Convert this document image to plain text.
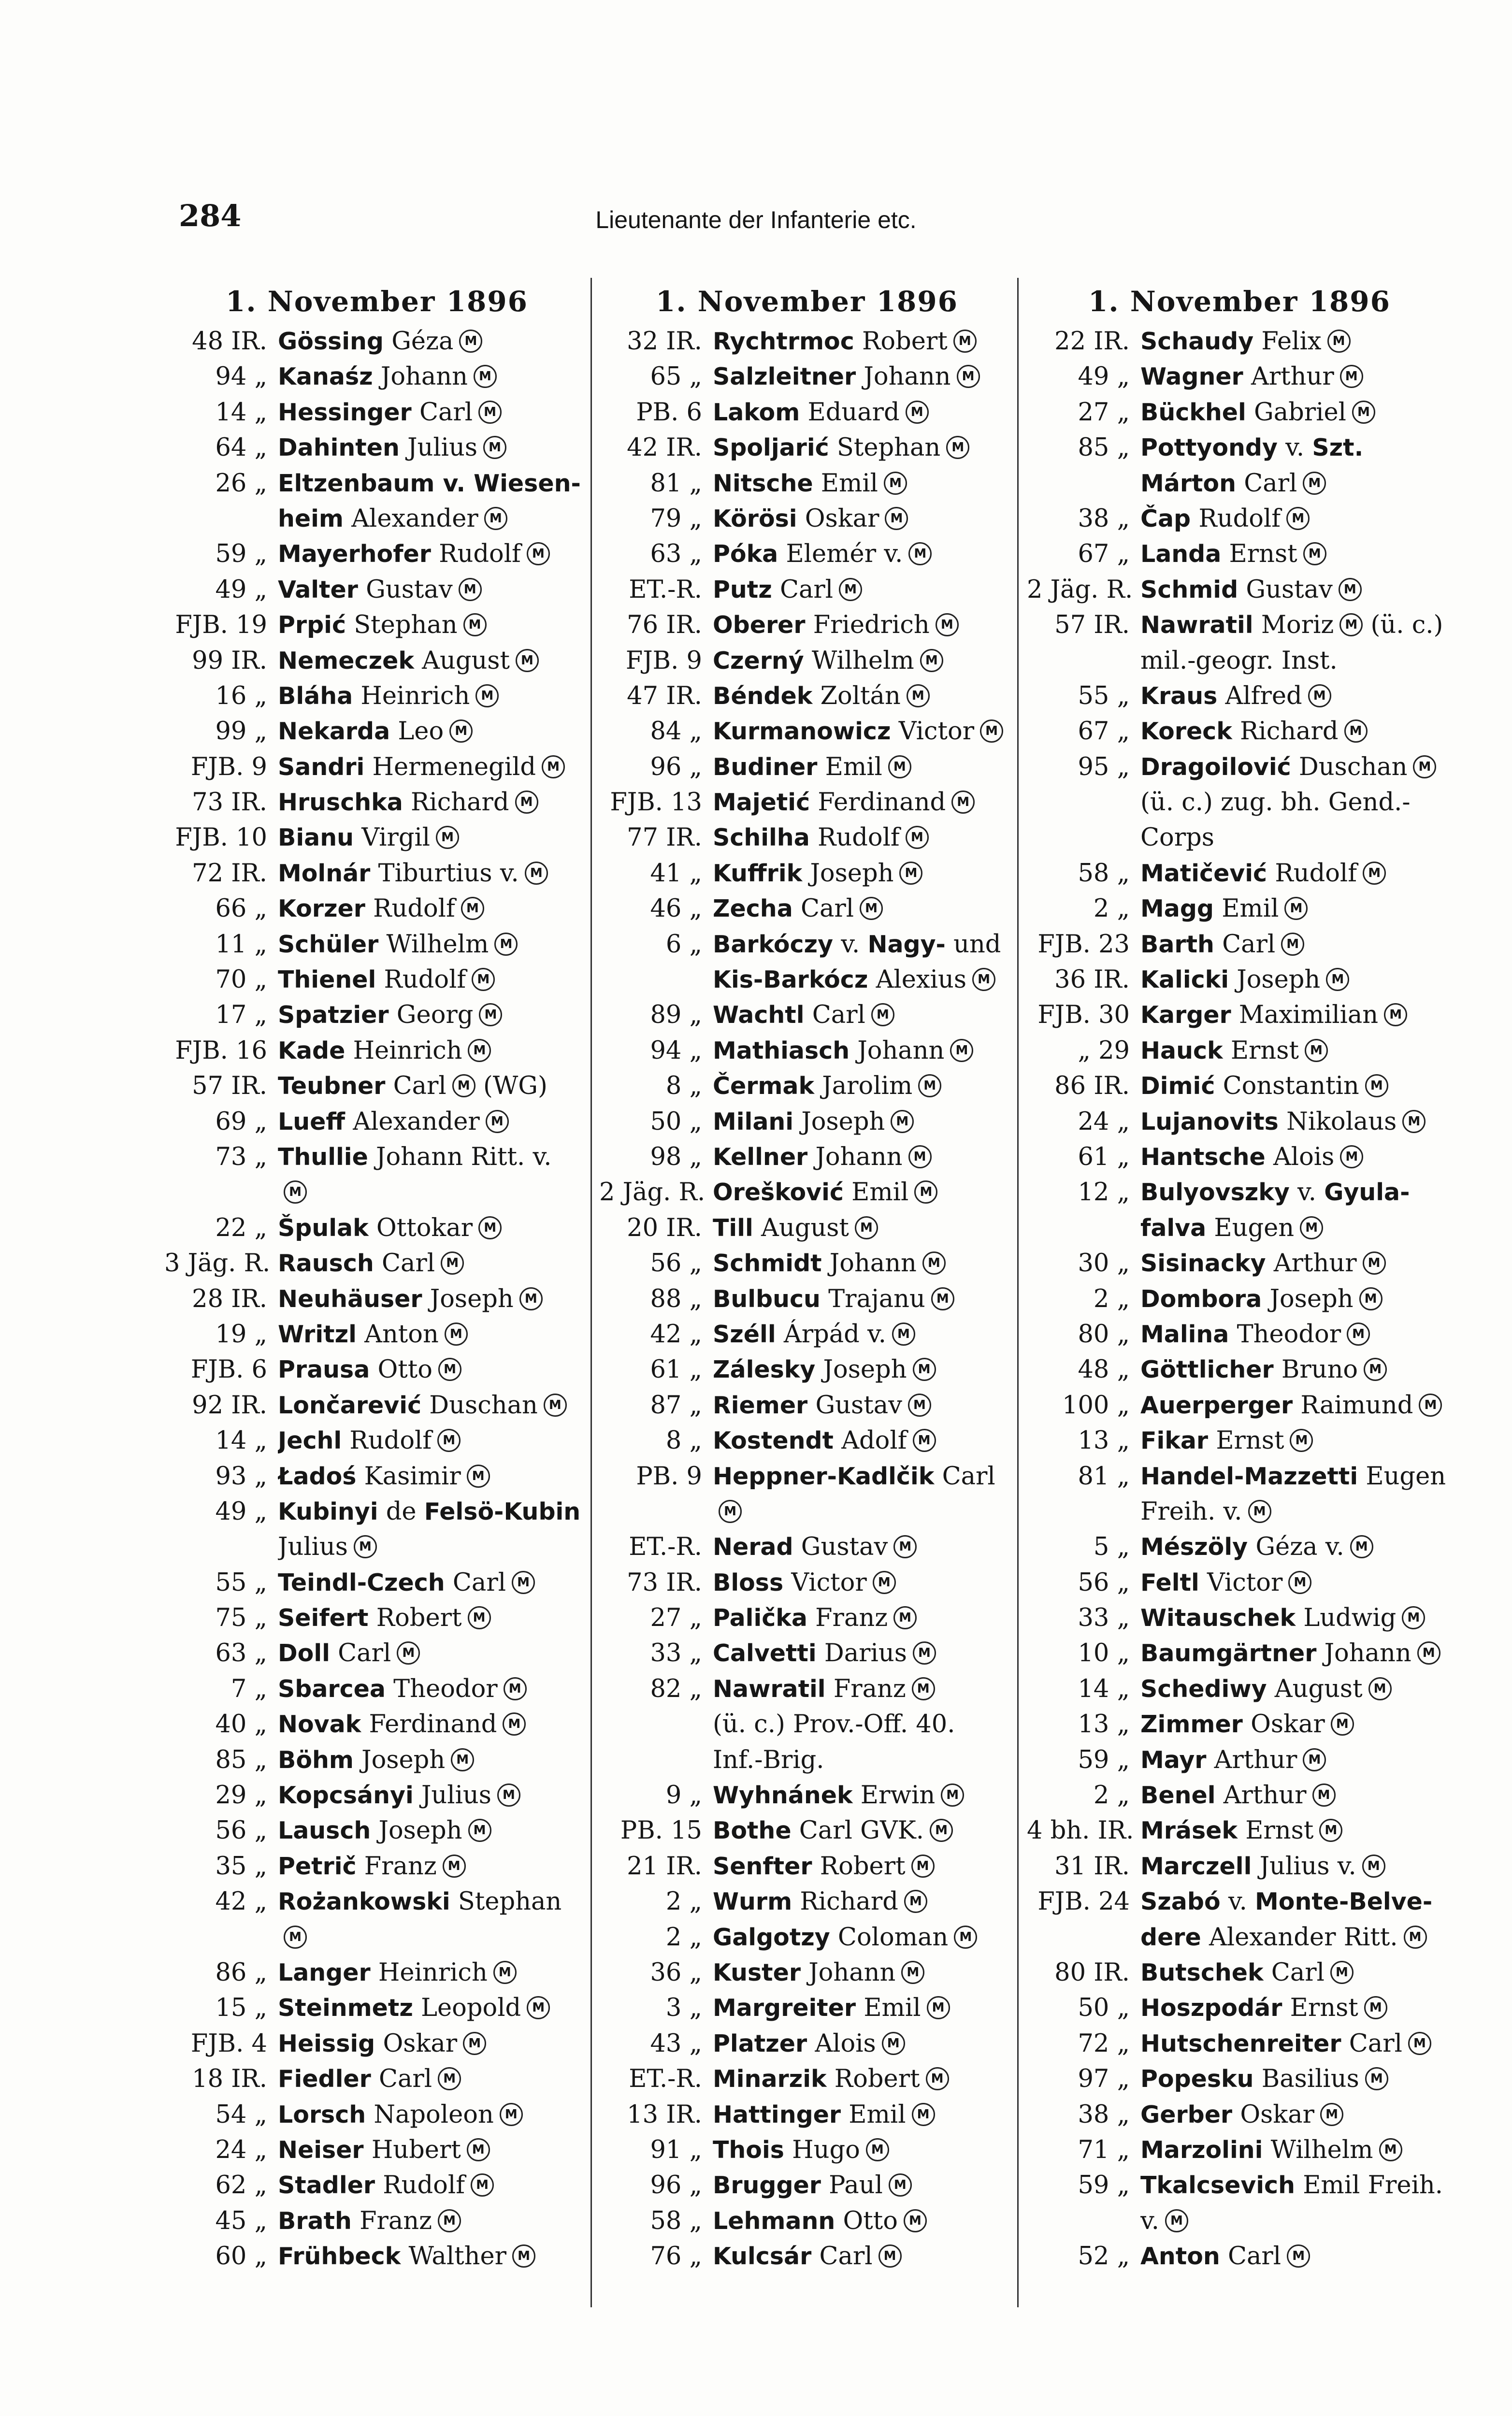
284	Lieutenante der Infanterie etc.
1. November 1896
48 IR. Gössing Géza M
94 „ Kanaśz Johann M
14 „ Hessinger Carl M
64 „ Dahinten Julius M
26 „ Eltzenbaum v. Wiesen-
heim Alexander M
59 „ Mayerhofer Rudolf M
49 „ Valter Gustav M
FJB. 19 Prpić Stephan M
99 IR. Nemeczek August M
16 „ Bláha Heinrich M
99 „ Nekarda Leo M
FJB. 9 Sandri Hermenegild M
73 IR. Hruschka Richard M
FJB. 10 Bianu Virgil M
72 IR. Molnár Tiburtius v. M
66 „ Korzer Rudolf M
11 „ Schüler Wilhelm M
70 „ Thienel Rudolf M
17 „ Spatzier Georg M
FJB. 16 Kade Heinrich M
57 IR. Teubner Carl M (WG)
69 „ Lueff Alexander M
73 „ Thullie Johann Ritt. v.
M
22 „ Špulak Ottokar M
3 Jäg. R. Rausch Carl M
28 IR. Neuhäuser Joseph M
19 „ Writzl Anton M
FJB. 6 Prausa Otto M
92 IR. Lončarević Duschan M
14 „ Jechl Rudolf M
93 „ Ładoś Kasimir M
49 „ Kubinyi de Felsö-Kubin
Julius M
55 „ Teindl-Czech Carl M
75 „ Seifert Robert M
63 „ Doll Carl M
7 „ Sbarcea Theodor M
40 „ Novak Ferdinand M
85 „ Böhm Joseph M
29 „ Kopcsányi Julius M
56 „ Lausch Joseph M
35 „ Petrič Franz M
42 „ Rożankowski Stephan
M
86 „ Langer Heinrich M
15 „ Steinmetz Leopold M
FJB. 4 Heissig Oskar M
18 IR. Fiedler Carl M
54 „ Lorsch Napoleon M
24 „ Neiser Hubert M
62 „ Stadler Rudolf M
45 „ Brath Franz M
60 „ Frühbeck Walther M
1. November 1896
32 IR. Rychtrmoc Robert M
65 „ Salzleitner Johann M
PB. 6 Lakom Eduard M
42 IR. Spoljarić Stephan M
81 „ Nitsche Emil M
79 „ Körösi Oskar M
63 „ Póka Elemér v. M
ET.-R. Putz Carl M
76 IR. Oberer Friedrich M
FJB. 9 Czerný Wilhelm M
47 IR. Béndek Zoltán M
84 „ Kurmanowicz Victor M
96 „ Budiner Emil M
FJB. 13 Majetić Ferdinand M
77 IR. Schilha Rudolf M
41 „ Kuffrik Joseph M
46 „ Zecha Carl M
6 „ Barkóczy v. Nagy- und
Kis-Barkócz Alexius M
89 „ Wachtl Carl M
94 „ Mathiasch Johann M
8 „ Čermak Jarolim M
50 „ Milani Joseph M
98 „ Kellner Johann M
2 Jäg. R. Orešković Emil M
20 IR. Till August M
56 „ Schmidt Johann M
88 „ Bulbucu Trajanu M
42 „ Széll Árpád v. M
61 „ Zálesky Joseph M
87 „ Riemer Gustav M
8 „ Kostendt Adolf M
PB. 9 Heppner-Kadlčik Carl
M
ET.-R. Nerad Gustav M
73 IR. Bloss Victor M
27 „ Palička Franz M
33 „ Calvetti Darius M
82 „ Nawratil Franz M
(ü. c.) Prov.-Off. 40.
Inf.-Brig.
9 „ Wyhnánek Erwin M
PB. 15 Bothe Carl GVK. M
21 IR. Senfter Robert M
2 „ Wurm Richard M
2 „ Galgotzy Coloman M
36 „ Kuster Johann M
3 „ Margreiter Emil M
43 „ Platzer Alois M
ET.-R. Minarzik Robert M
13 IR. Hattinger Emil M
91 „ Thois Hugo M
96 „ Brugger Paul M
58 „ Lehmann Otto M
76 „ Kulcsár Carl M
1. November 1896
22 IR. Schaudy Felix M
49 „ Wagner Arthur M
27 „ Bückhel Gabriel M
85 „ Pottyondy v. Szt.
Márton Carl M
38 „ Čap Rudolf M
67 „ Landa Ernst M
2 Jäg. R. Schmid Gustav M
57 IR. Nawratil Moriz M (ü. c.)
mil.-geogr. Inst.
55 „ Kraus Alfred M
67 „ Koreck Richard M
95 „ Dragoilović Duschan M
(ü. c.) zug. bh. Gend.-
Corps
58 „ Matičević Rudolf M
2 „ Magg Emil M
FJB. 23 Barth Carl M
36 IR. Kalicki Joseph M
FJB. 30 Karger Maximilian M
„ 29 Hauck Ernst M
86 IR. Dimić Constantin M
24 „ Lujanovits Nikolaus M
61 „ Hantsche Alois M
12 „ Bulyovszky v. Gyula-
falva Eugen M
30 „ Sisinacky Arthur M
2 „ Dombora Joseph M
80 „ Malina Theodor M
48 „ Göttlicher Bruno M
100 „ Auerperger Raimund M
13 „ Fikar Ernst M
81 „ Handel-Mazzetti Eugen
Freih. v. M
5 „ Mészöly Géza v. M
56 „ Feltl Victor M
33 „ Witauschek Ludwig M
10 „ Baumgärtner Johann M
14 „ Schediwy August M
13 „ Zimmer Oskar M
59 „ Mayr Arthur M
2 „ Benel Arthur M
4 bh. IR. Mrásek Ernst M
31 IR. Marczell Julius v. M
FJB. 24 Szabó v. Monte-Belve-
dere Alexander Ritt. M
80 IR. Butschek Carl M
50 „ Hoszpodár Ernst M
72 „ Hutschenreiter Carl M
97 „ Popesku Basilius M
38 „ Gerber Oskar M
71 „ Marzolini Wilhelm M
59 „ Tkalcsevich Emil Freih.
v. M
52 „ Anton Carl M
